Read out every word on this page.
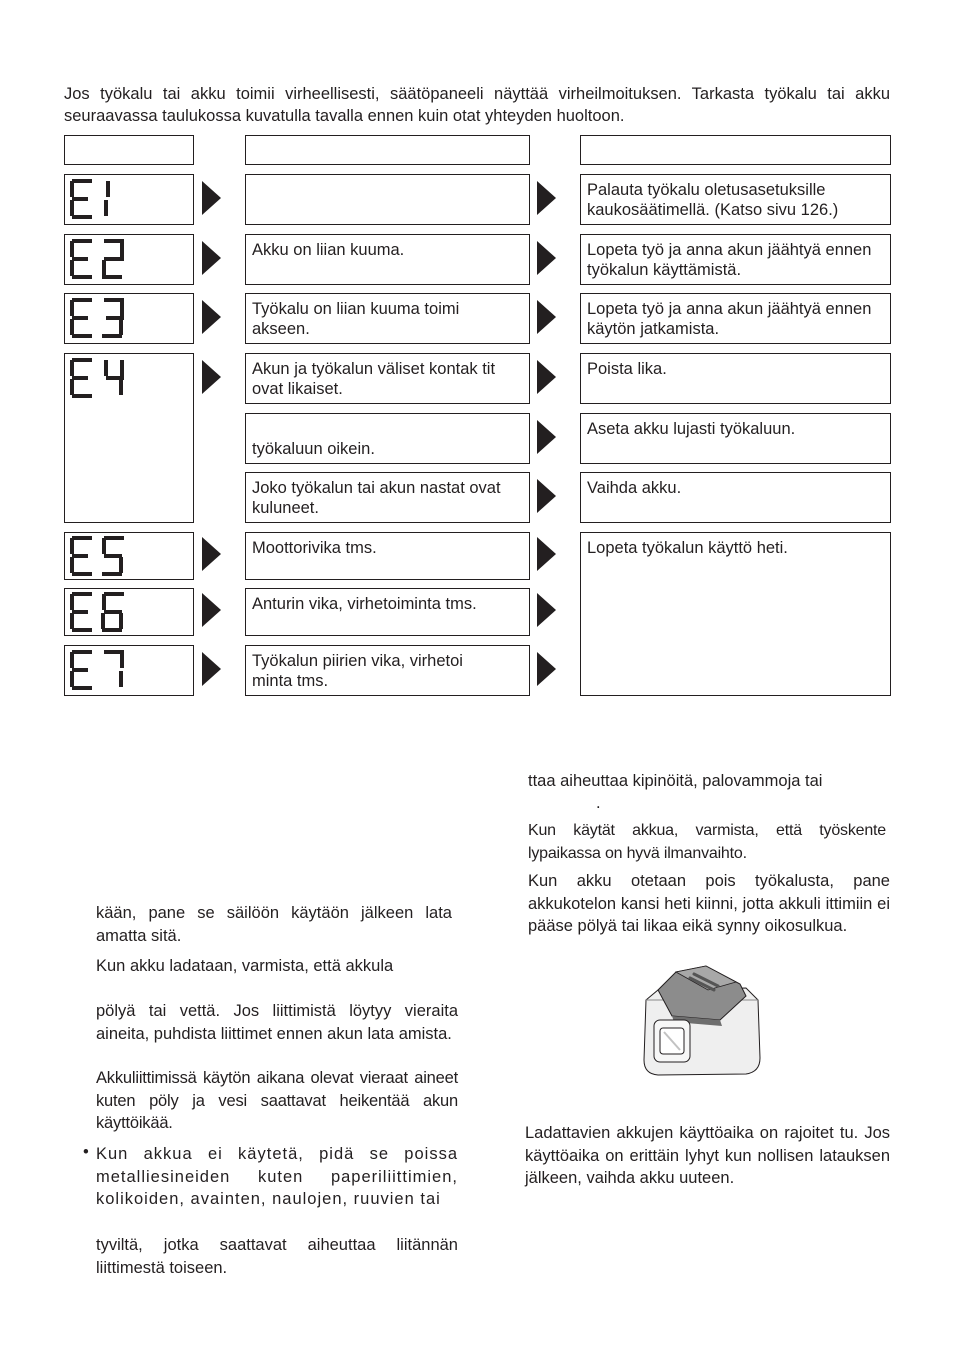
Jos työkalu tai akku toimii virheellisesti, säätöpaneeli näyttää virheilmoituksen. Tarkasta työkalu tai akku seuraavassa taulukossa kuvatulla tavalla ennen kuin otat yhteyden huoltoon.
Akku on liian kuuma.
Työkalu on liian kuuma toimi akseen.
Akun ja työkalun väliset kontak tit ovat likaiset.
työkaluun oikein.
Joko työkalun tai akun nastat ovat kuluneet.
Moottorivika tms.
Anturin vika, virhetoiminta tms.
Työkalun piirien vika, virhetoi minta tms.
Palauta työkalu oletusasetuksille kaukosäätimellä. (Katso sivu 126.)
Lopeta työ ja anna akun jäähtyä ennen työkalun käyttämistä.
Lopeta työ ja anna akun jäähtyä ennen käytön jatkamista.
Poista lika.
Aseta akku lujasti työkaluun.
Vaihda akku.
Lopeta työkalun käyttö heti.
kään, pane se säilöön käytäön jälkeen lata amatta sitä.
Kun akku ladataan, varmista, että akkula
pölyä tai vettä. Jos liittimistä löytyy vieraita aineita, puhdista liittimet ennen akun lata amista.
Akkuliittimissä käytön aikana olevat vieraat aineet kuten pöly ja vesi saattavat heikentää akun käyttöikää.
• Kun akkua ei käytetä, pidä se poissa metalliesineiden kuten paperiliittimien, kolikoiden, avainten, naulojen, ruuvien tai
tyviltä, jotka saattavat aiheuttaa liitännän liittimestä toiseen.
ttaa aiheuttaa kipinöitä, palovammoja tai
.
Kun käytät akkua, varmista, että työskente lypaikassa on hyvä ilmanvaihto.
Kun akku otetaan pois työkalusta, pane akkukotelon kansi heti kiinni, jotta akkuli ittimiin ei pääse pölyä tai likaa eikä synny oikosulkua.
Ladattavien akkujen käyttöaika on rajoitet tu. Jos käyttöaika on erittäin lyhyt kun nollisen latauksen jälkeen, vaihda akku uuteen.
